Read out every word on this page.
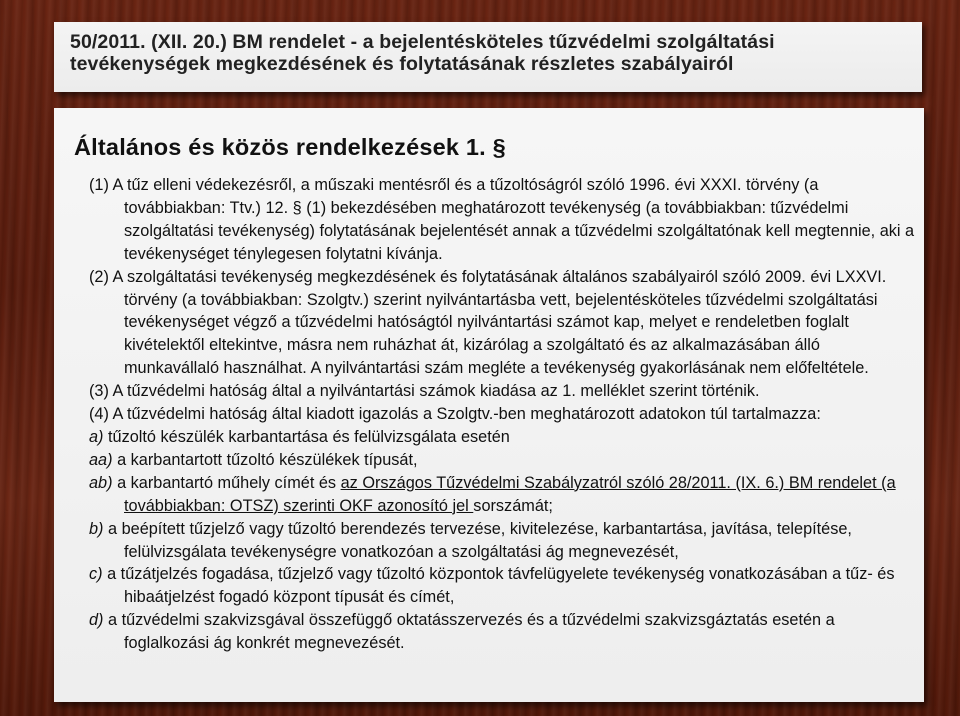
50/2011. (XII. 20.) BM rendelet - a bejelentésköteles tűzvédelmi szolgáltatási
tevékenységek megkezdésének és folytatásának részletes szabályairól
Általános és közös rendelkezések 1. §

(1) A tűz elleni védekezésről, a műszaki mentésről és a tűzoltóságról szóló 1996. évi XXXI. törvény (a továbbiakban: Ttv.) 12. § (1) bekezdésében meghatározott tevékenység (a továbbiakban: tűzvédelmi szolgáltatási tevékenység) folytatásának bejelentését annak a tűzvédelmi szolgáltatónak kell megtennie, aki a tevékenységet ténylegesen folytatni kívánja.

(2) A szolgáltatási tevékenység megkezdésének és folytatásának általános szabályairól szóló 2009. évi LXXVI. törvény (a továbbiakban: Szolgtv.) szerint nyilvántartásba vett, bejelentésköteles tűzvédelmi szolgáltatási tevékenységet végző a tűzvédelmi hatóságtól nyilvántartási számot kap, melyet e rendeletben foglalt kivételektől eltekintve, másra nem ruházhat át, kizárólag a szolgáltató és az alkalmazásában álló munkavállaló használhat. A nyilvántartási szám megléte a tevékenység gyakorlásának nem előfeltétele.

(3) A tűzvédelmi hatóság által a nyilvántartási számok kiadása az 1. melléklet szerint történik.

(4) A tűzvédelmi hatóság által kiadott igazolás a Szolgtv.-ben meghatározott adatokon túl tartalmazza:

a) tűzoltó készülék karbantartása és felülvizsgálata esetén

aa) a karbantartott tűzoltó készülékek típusát,

ab) a karbantartó műhely címét és az Országos Tűzvédelmi Szabályzatról szóló 28/2011. (IX. 6.) BM rendelet (a továbbiakban: OTSZ) szerinti OKF azonosító jel sorszámát;

b) a beépített tűzjelző vagy tűzoltó berendezés tervezése, kivitelezése, karbantartása, javítása, telepítése, felülvizsgálata tevékenységre vonatkozóan a szolgáltatási ág megnevezését,

c) a tűzátjelzés fogadása, tűzjelző vagy tűzoltó központok távfelügyelete tevékenység vonatkozásában a tűz- és hibaátjelzést fogadó központ típusát és címét,

d) a tűzvédelmi szakvizsgával összefüggő oktatásszervezés és a tűzvédelmi szakvizsgáztatás esetén a foglalkozási ág konkrét megnevezését.
